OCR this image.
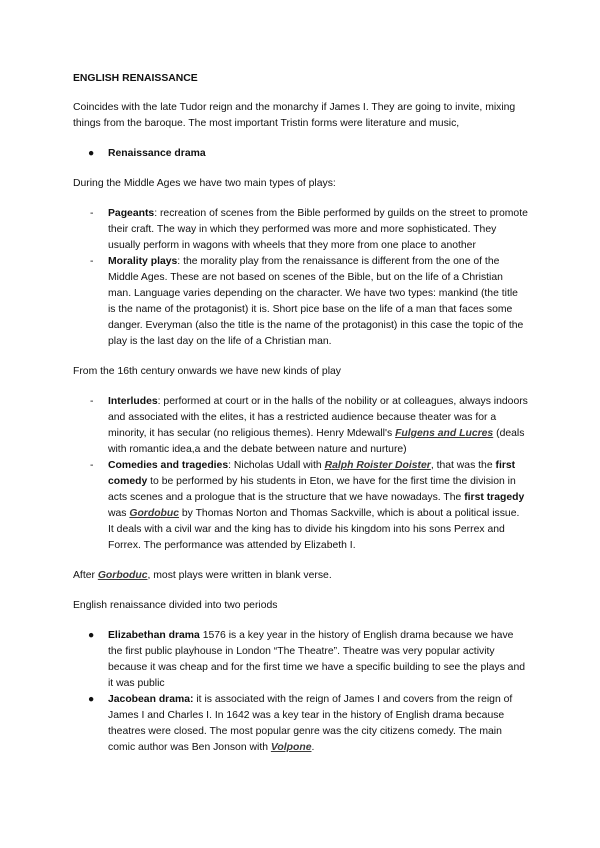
ENGLISH RENAISSANCE

Coincides with the late Tudor reign and the monarchy if James I. They are going to invite, mixing things from the baroque. The most important Tristin forms were literature and music,

● Renaissance drama

During the Middle Ages we have two main types of plays:

- Pageants: recreation of scenes from the Bible performed by guilds on the street to promote their craft. The way in which they performed was more and more sophisticated. They usually perform in wagons with wheels that they more from one place to another
- Morality plays: the morality play from the renaissance is different from the one of the Middle Ages. These are not based on scenes of the Bible, but on the life of a Christian man. Language varies depending on the character. We have two types: mankind (the title is the name of the protagonist) it is. Short pice base on the life of a man that faces some danger. Everyman (also the title is the name of the protagonist) in this case the topic of the play is the last day on the life of a Christian man.

From the 16th century onwards we have new kinds of play

- Interludes: performed at court or in the halls of the nobility or at colleagues, always indoors and associated with the elites, it has a restricted audience because theater was for a minority, it has secular (no religious themes). Henry Mdewall's Fulgens and Lucres (deals with romantic idea,a and the debate between nature and nurture)
- Comedies and tragedies: Nicholas Udall with Ralph Roister Doister, that was the first comedy to be performed by his students in Eton, we have for the first time the division in acts scenes and a prologue that is the structure that we have nowadays. The first tragedy was Gordobuc by Thomas Norton and Thomas Sackville, which is about a political issue. It deals with a civil war and the king has to divide his kingdom into his sons Perrex and Forrex. The performance was attended by Elizabeth I.

After Gorboduc, most plays were written in blank verse.

English renaissance divided into two periods

● Elizabethan drama 1576 is a key year in the history of English drama because we have the first public playhouse in London “The Theatre”. Theatre was very popular activity because it was cheap and for the first time we have a specific building to see the plays and it was public
● Jacobean drama: it is associated with the reign of James I and covers from the reign of James I and Charles I. In 1642 was a key tear in the history of English drama because theatres were closed. The most popular genre was the city citizens comedy. The main comic author was Ben Jonson with Volpone.
